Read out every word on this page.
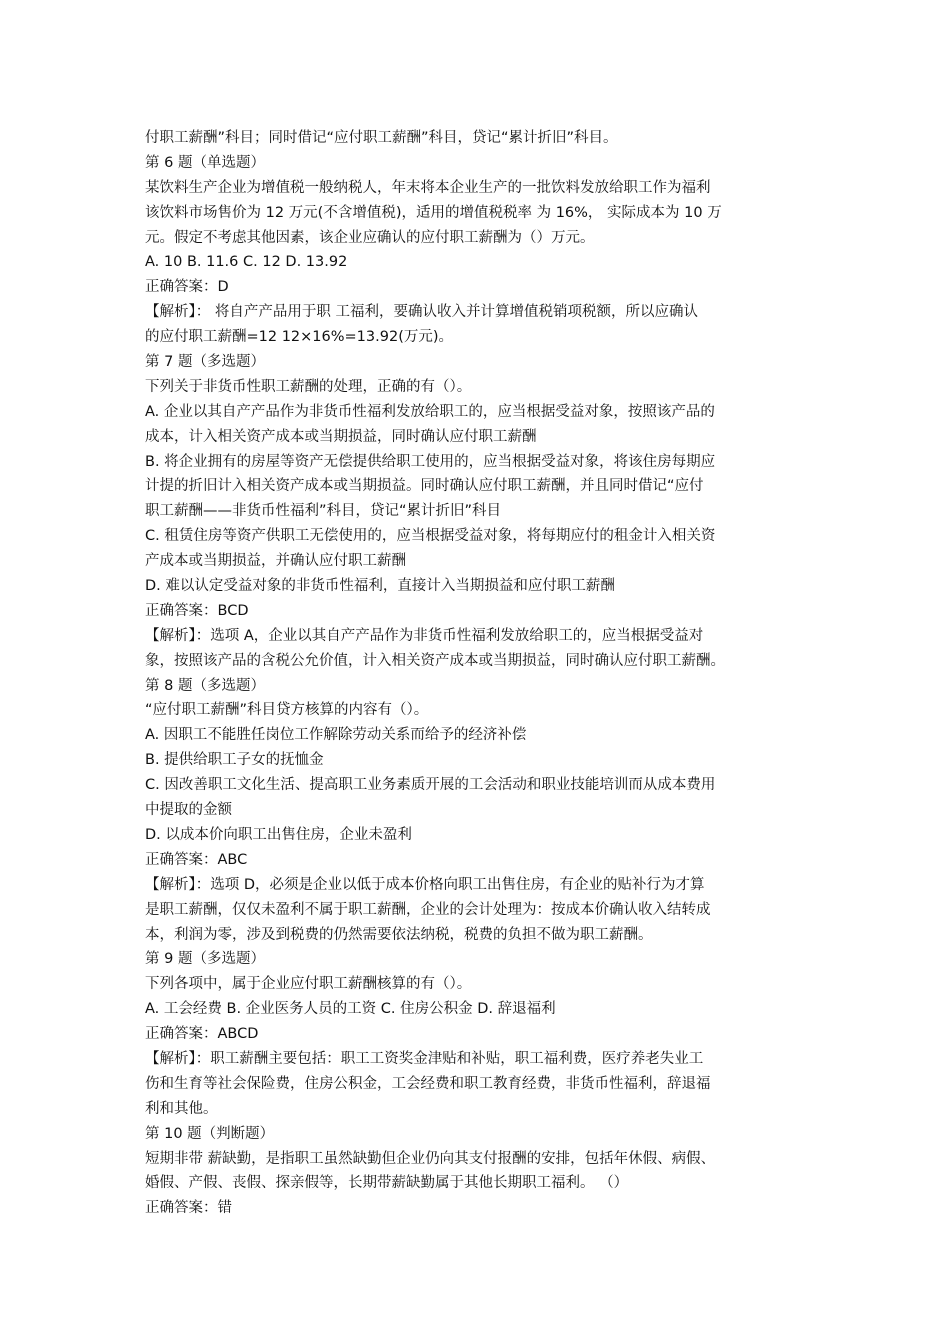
付职工薪酬”科目；同时借记“应付职工薪酬”科目，贷记“累计折旧”科目。
第 6 题（单选题）
某饮料生产企业为增值税一般纳税人，年末将本企业生产的一批饮料发放给职工作为福利
该饮料市场售价为 12 万元(不含增值税)，适用的增值税税率 为 16%， 实际成本为 10 万
元。假定不考虑其他因素，该企业应确认的应付职工薪酬为（）万元。
A. 10 B. 11.6 C. 12 D. 13.92
正确答案：D
【解析】： 将自产产品用于职 工福利，要确认收入并计算增值税销项税额，所以应确认
的应付职工薪酬=12 12×16%=13.92(万元)。
第 7 题（多选题）
下列关于非货币性职工薪酬的处理，正确的有（）。
A. 企业以其自产产品作为非货币性福利发放给职工的，应当根据受益对象，按照该产品的
成本，计入相关资产成本或当期损益，同时确认应付职工薪酬
B. 将企业拥有的房屋等资产无偿提供给职工使用的，应当根据受益对象，将该住房每期应
计提的折旧计入相关资产成本或当期损益。同时确认应付职工薪酬，并且同时借记“应付
职工薪酬——非货币性福利”科目，贷记“累计折旧”科目
C. 租赁住房等资产供职工无偿使用的，应当根据受益对象，将每期应付的租金计入相关资
产成本或当期损益，并确认应付职工薪酬
D. 难以认定受益对象的非货币性福利，直接计入当期损益和应付职工薪酬
正确答案：BCD
【解析】：选项 A，企业以其自产产品作为非货币性福利发放给职工的，应当根据受益对
象，按照该产品的含税公允价值，计入相关资产成本或当期损益，同时确认应付职工薪酬。
第 8 题（多选题）
“应付职工薪酬”科目贷方核算的内容有（）。
A. 因职工不能胜任岗位工作解除劳动关系而给予的经济补偿
B. 提供给职工子女的抚恤金
C. 因改善职工文化生活、提高职工业务素质开展的工会活动和职业技能培训而从成本费用
中提取的金额
D. 以成本价向职工出售住房，企业未盈利
正确答案：ABC
【解析】：选项 D，必须是企业以低于成本价格向职工出售住房，有企业的贴补行为才算
是职工薪酬，仅仅未盈利不属于职工薪酬，企业的会计处理为：按成本价确认收入结转成
本，利润为零，涉及到税费的仍然需要依法纳税，税费的负担不做为职工薪酬。
第 9 题（多选题）
下列各项中，属于企业应付职工薪酬核算的有（）。
A. 工会经费 B. 企业医务人员的工资 C. 住房公积金 D. 辞退福利
正确答案：ABCD
【解析】：职工薪酬主要包括：职工工资奖金津贴和补贴，职工福利费，医疗养老失业工
伤和生育等社会保险费，住房公积金，工会经费和职工教育经费，非货币性福利，辞退福
利和其他。
第 10 题（判断题）
短期非带 薪缺勤，是指职工虽然缺勤但企业仍向其支付报酬的安排，包括年休假、病假、
婚假、产假、丧假、探亲假等，长期带薪缺勤属于其他长期职工福利。 （）
正确答案：错
